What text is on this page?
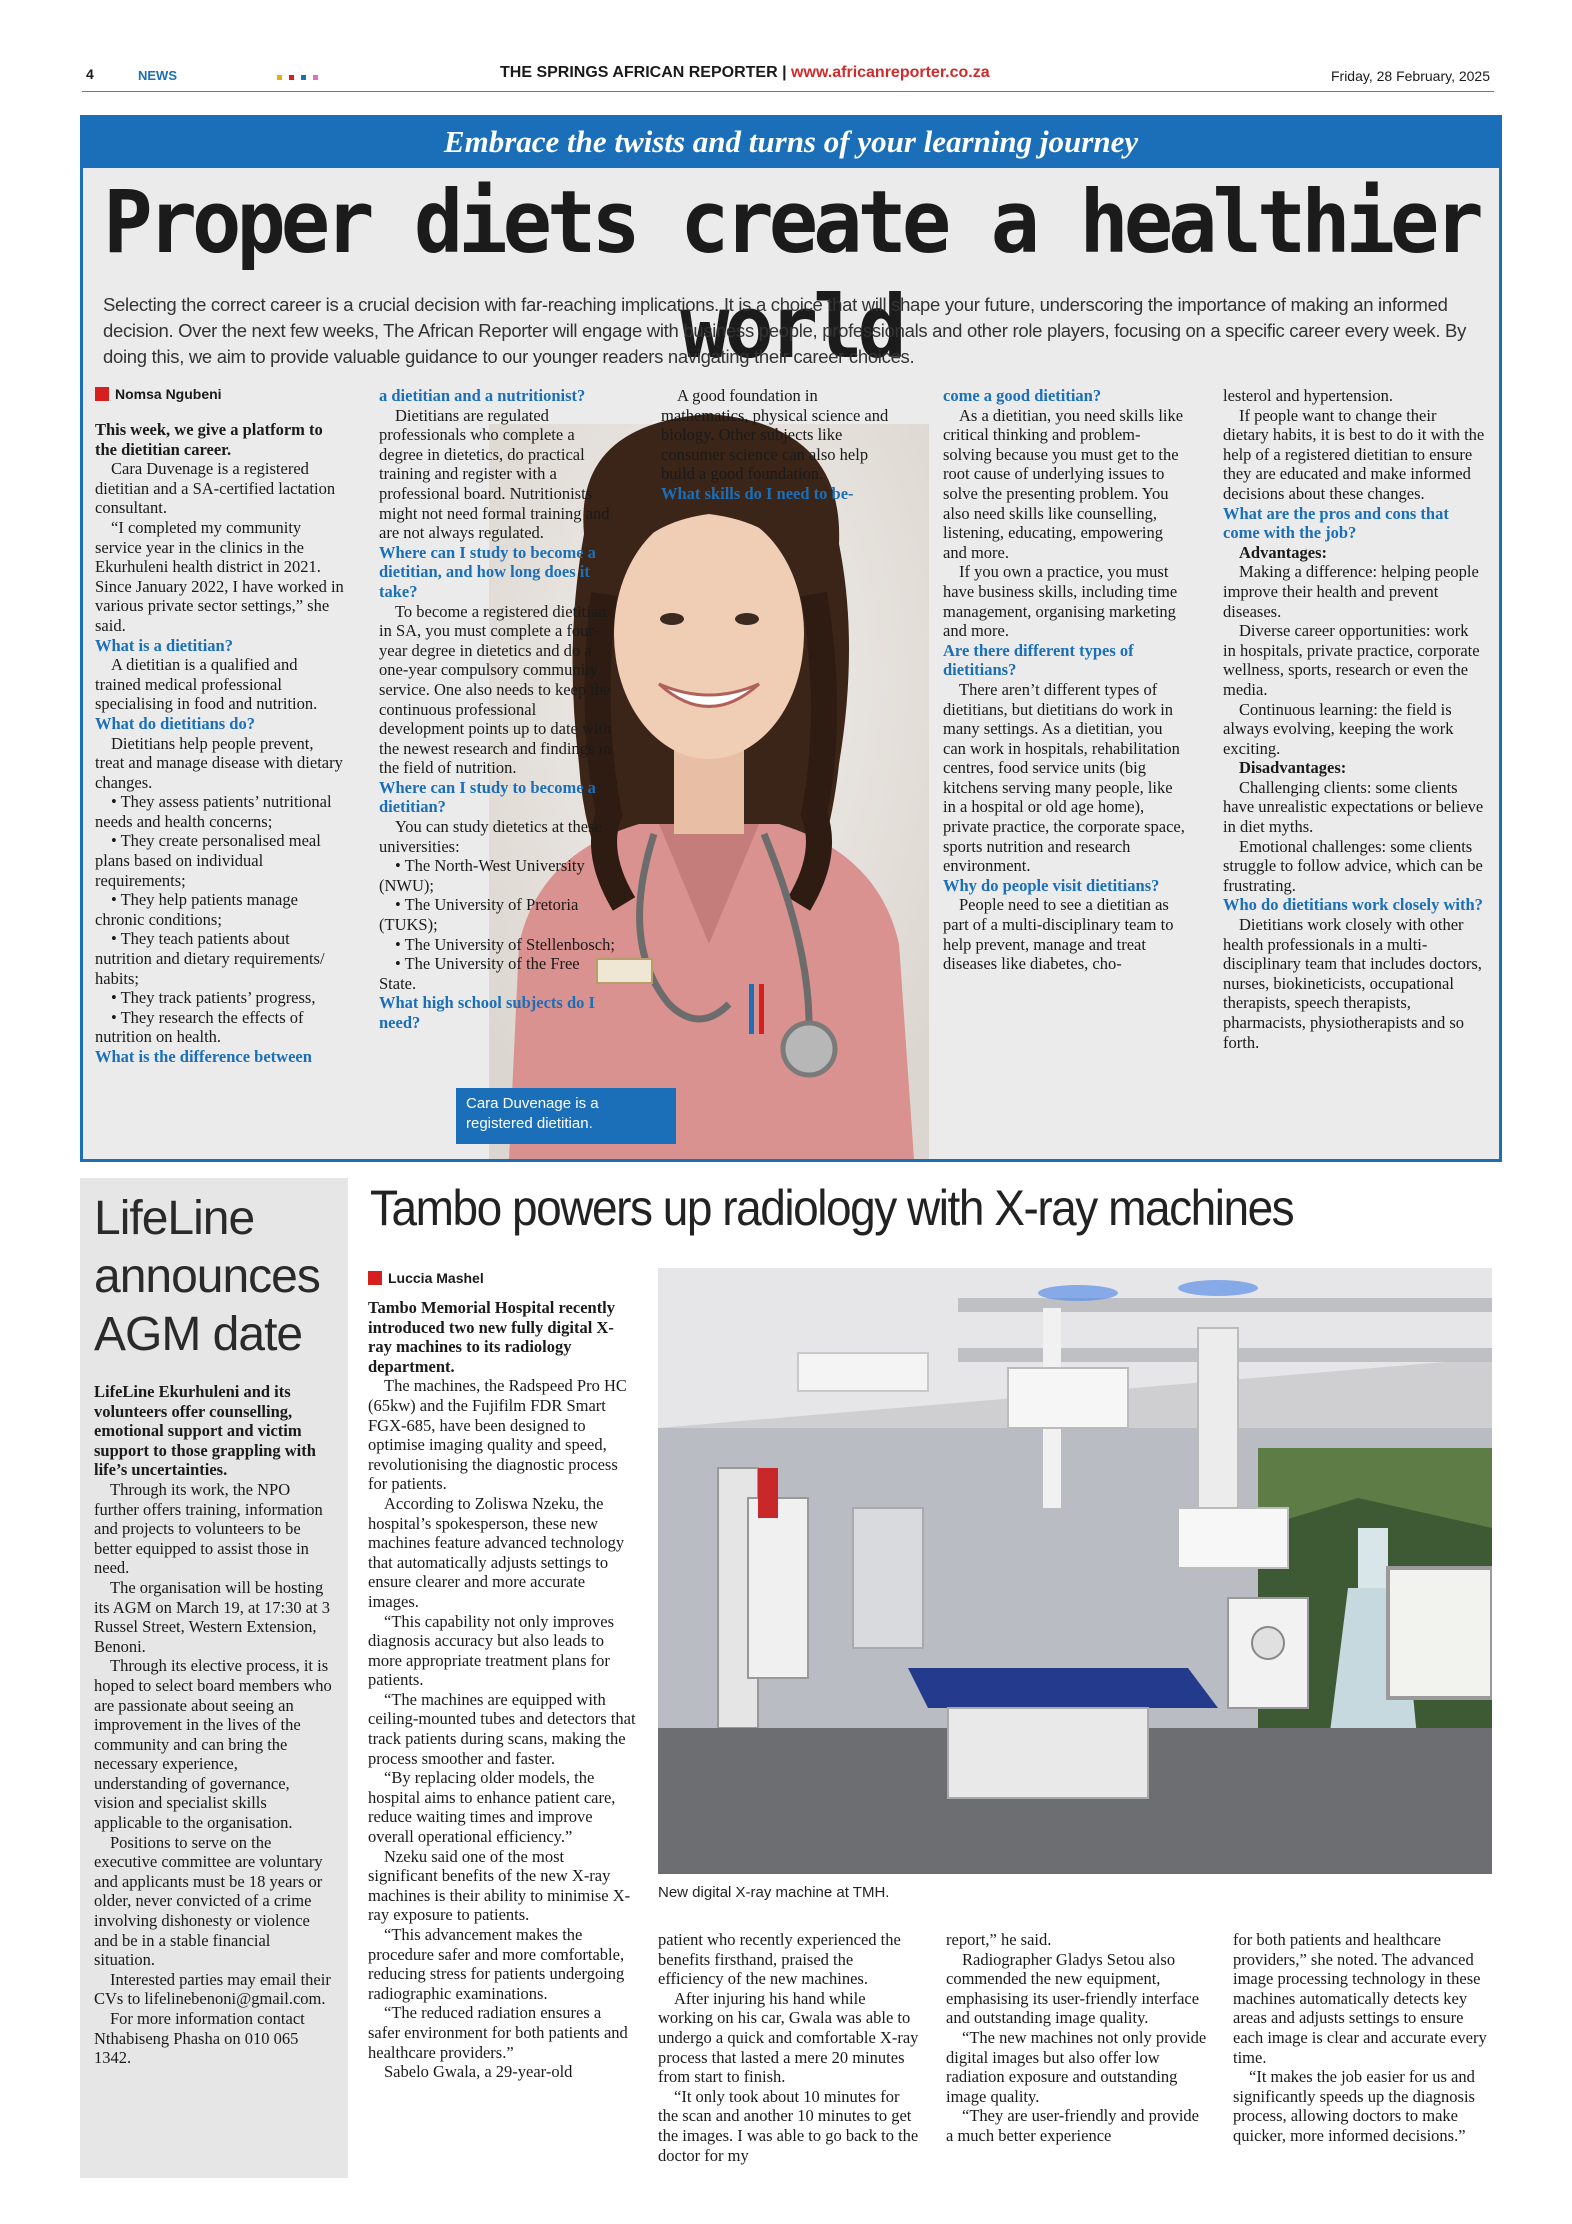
4	NEWS	THE SPRINGS AFRICAN REPORTER | www.africanreporter.co.za	Friday, 28 February, 2025
Embrace the twists and turns of your learning journey
Proper diets create a healthier world
Selecting the correct career is a crucial decision with far-reaching implications. It is a choice that will shape your future, underscoring the importance of making an informed decision. Over the next few weeks, The African Reporter will engage with business people, professionals and other role players, focusing on a specific career every week. By doing this, we aim to provide valuable guidance to our younger readers navigating their career choices.
Cara Duvenage is a registered dietitian.
Nomsa Ngubeni

This week, we give a platform to the dietitian career.

Cara Duvenage is a registered dietitian and a SA-certified lactation consultant.

“I completed my community service year in the clinics in the Ekurhuleni health district in 2021. Since January 2022, I have worked in various private sector settings,” she said.

What is a dietitian?

A dietitian is a qualified and trained medical professional specialising in food and nutrition.

What do dietitians do?

Dietitians help people prevent, treat and manage disease with dietary changes.

• They assess patients’ nutritional needs and health concerns;

• They create personalised meal plans based on individual requirements;

• They help patients manage chronic conditions;

• They teach patients about nutrition and dietary requirements/ habits;

• They track patients’ progress,

• They research the effects of nutrition on health.

What is the difference between
a dietitian and a nutritionist?

Dietitians are regulated professionals who complete a degree in dietetics, do practical training and register with a professional board. Nutritionists might not need formal training and are not always regulated.

Where can I study to become a dietitian, and how long does it take?

To become a registered dietitian in SA, you must complete a four-year degree in dietetics and do a one-year compulsory community service. One also needs to keep the continuous professional development points up to date with the newest research and findings in the field of nutrition.

Where can I study to become a dietitian?

You can study dietetics at these universities:

• The North-West University (NWU);

• The University of Pretoria (TUKS);

• The University of Stellenbosch;

• The University of the Free State.

What high school subjects do I need?

A good foundation in mathematics, physical science and biology. Other subjects like consumer science can also help build a good foundation.

What skills do I need to be-
come a good dietitian?

As a dietitian, you need skills like critical thinking and problem-solving because you must get to the root cause of underlying issues to solve the presenting problem. You also need skills like counselling, listening, educating, empowering and more.

If you own a practice, you must have business skills, including time management, organising marketing and more.

Are there different types of dietitians?

There aren’t different types of dietitians, but dietitians do work in many settings. As a dietitian, you can work in hospitals, rehabilitation centres, food service units (big kitchens serving many people, like in a hospital or old age home), private practice, the corporate space, sports nutrition and research environment.

Why do people visit dietitians?

People need to see a dietitian as part of a multi-disciplinary team to help prevent, manage and treat diseases like diabetes, cho-

lesterol and hypertension.

If people want to change their dietary habits, it is best to do it with the help of a registered dietitian to ensure they are educated and make informed decisions about these changes.

What are the pros and cons that come with the job?

Advantages:

Making a difference: helping people improve their health and prevent diseases.

Diverse career opportunities: work in hospitals, private practice, corporate wellness, sports, research or even the media.

Continuous learning: the field is always evolving, keeping the work exciting.

Disadvantages:

Challenging clients: some clients have unrealistic expectations or believe in diet myths.

Emotional challenges: some clients struggle to follow advice, which can be frustrating.

Who do dietitians work closely with?

Dietitians work closely with other health professionals in a multi-disciplinary team that includes doctors, nurses, biokineticists, occupational therapists, speech therapists, pharmacists, physiotherapists and so forth.

LifeLine
announces
AGM date

LifeLine Ekurhuleni and its volunteers offer counselling, emotional support and victim support to those grappling with life’s uncertainties.

Through its work, the NPO further offers training, information and projects to volunteers to be better equipped to assist those in need.

The organisation will be hosting its AGM on March 19, at 17:30 at 3 Russel Street, Western Extension, Benoni.

Through its elective process, it is hoped to select board members who are passionate about seeing an improvement in the lives of the community and can bring the necessary experience, understanding of governance, vision and specialist skills applicable to the organisation.

Positions to serve on the executive committee are voluntary and applicants must be 18 years or older, never convicted of a crime involving dishonesty or violence and be in a stable financial situation.

Interested parties may email their CVs to lifelinebenoni@gmail.com.

For more information contact Nthabiseng Phasha on 010 065 1342.

Tambo powers up radiology with X-ray machines
New digital X-ray machine at TMH.
Luccia Mashel

Tambo Memorial Hospital recently introduced two new fully digital X-ray machines to its radiology department.

The machines, the Radspeed Pro HC (65kw) and the Fujifilm FDR Smart FGX-685, have been designed to optimise imaging quality and speed, revolutionising the diagnostic process for patients.

According to Zoliswa Nzeku, the hospital’s spokesperson, these new machines feature advanced technology that automatically adjusts settings to ensure clearer and more accurate images.

“This capability not only improves diagnosis accuracy but also leads to more appropriate treatment plans for patients.

“The machines are equipped with ceiling-mounted tubes and detectors that track patients during scans, making the process smoother and faster.

“By replacing older models, the hospital aims to enhance patient care, reduce waiting times and improve overall operational efficiency.”

Nzeku said one of the most significant benefits of the new X-ray machines is their ability to minimise X-ray exposure to patients.

“This advancement makes the procedure safer and more comfortable, reducing stress for patients undergoing radiographic examinations.

“The reduced radiation ensures a safer environment for both patients and healthcare providers.”

Sabelo Gwala, a 29-year-old

patient who recently experienced the benefits firsthand, praised the efficiency of the new machines.

After injuring his hand while working on his car, Gwala was able to undergo a quick and comfortable X-ray process that lasted a mere 20 minutes from start to finish.

“It only took about 10 minutes for the scan and another 10 minutes to get the images. I was able to go back to the doctor for my

report,” he said.

Radiographer Gladys Setou also commended the new equipment, emphasising its user-friendly interface and outstanding image quality.

“The new machines not only provide digital images but also offer low radiation exposure and outstanding image quality.

“They are user-friendly and provide a much better experience

for both patients and healthcare providers,” she noted. The advanced image processing technology in these machines automatically detects key areas and adjusts settings to ensure each image is clear and accurate every time.

“It makes the job easier for us and significantly speeds up the diagnosis process, allowing doctors to make quicker, more informed decisions.”
